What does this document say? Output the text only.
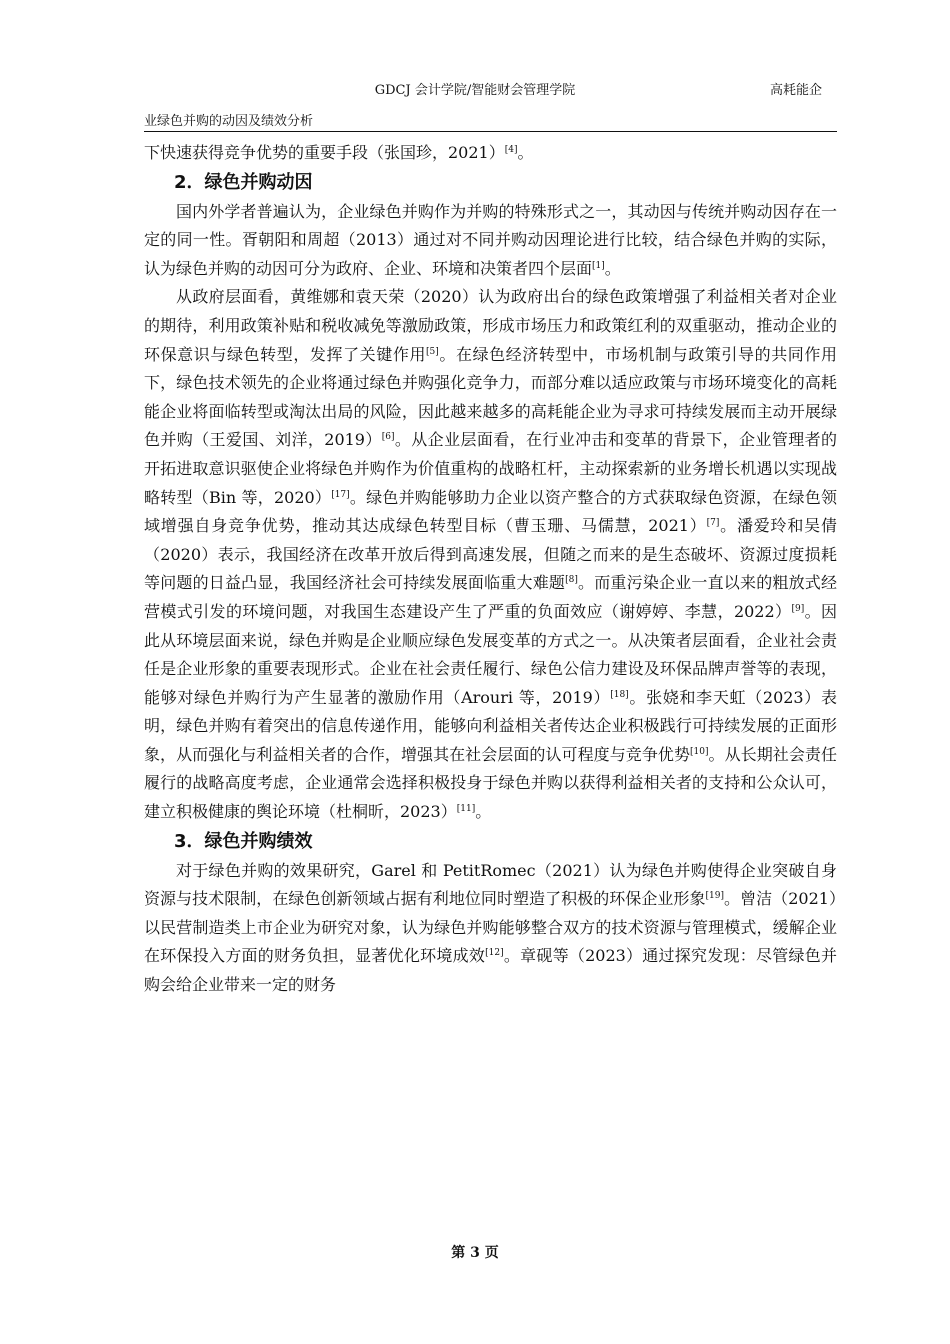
GDCJ 会计学院/智能财会管理学院	高耗能企
业绿色并购的动因及绩效分析

下快速获得竞争优势的重要手段（张国珍，2021）[4]。

2．绿色并购动因

国内外学者普遍认为，企业绿色并购作为并购的特殊形式之一，其动因与传统并购动因存在一定的同一性。胥朝阳和周超（2013）通过对不同并购动因理论进行比较，结合绿色并购的实际，认为绿色并购的动因可分为政府、企业、环境和决策者四个层面[1]。

从政府层面看，黄维娜和袁天荣（2020）认为政府出台的绿色政策增强了利益相关者对企业的期待，利用政策补贴和税收减免等激励政策，形成市场压力和政策红利的双重驱动，推动企业的环保意识与绿色转型，发挥了关键作用[5]。在绿色经济转型中，市场机制与政策引导的共同作用下，绿色技术领先的企业将通过绿色并购强化竞争力，而部分难以适应政策与市场环境变化的高耗能企业将面临转型或淘汰出局的风险，因此越来越多的高耗能企业为寻求可持续发展而主动开展绿色并购（王爱国、刘洋，2019）[6]。从企业层面看，在行业冲击和变革的背景下，企业管理者的开拓进取意识驱使企业将绿色并购作为价值重构的战略杠杆，主动探索新的业务增长机遇以实现战略转型（Bin 等，2020）[17]。绿色并购能够助力企业以资产整合的方式获取绿色资源，在绿色领域增强自身竞争优势，推动其达成绿色转型目标（曹玉珊、马儒慧，2021）[7]。潘爱玲和吴倩（2020）表示，我国经济在改革开放后得到高速发展，但随之而来的是生态破坏、资源过度损耗等问题的日益凸显，我国经济社会可持续发展面临重大难题[8]。而重污染企业一直以来的粗放式经营模式引发的环境问题，对我国生态建设产生了严重的负面效应（谢婷婷、李慧，2022）[9]。因此从环境层面来说，绿色并购是企业顺应绿色发展变革的方式之一。从决策者层面看，企业社会责任是企业形象的重要表现形式。企业在社会责任履行、绿色公信力建设及环保品牌声誉等的表现，能够对绿色并购行为产生显著的激励作用（Arouri 等，2019）[18]。张娆和李天虹（2023）表明，绿色并购有着突出的信息传递作用，能够向利益相关者传达企业积极践行可持续发展的正面形象，从而强化与利益相关者的合作，增强其在社会层面的认可程度与竞争优势[10]。从长期社会责任履行的战略高度考虑，企业通常会选择积极投身于绿色并购以获得利益相关者的支持和公众认可，建立积极健康的舆论环境（杜桐昕，2023）[11]。

3．绿色并购绩效

对于绿色并购的效果研究，Garel 和 PetitRomec（2021）认为绿色并购使得企业突破自身资源与技术限制，在绿色创新领域占据有利地位同时塑造了积极的环保企业形象[19]。曾洁（2021）以民营制造类上市企业为研究对象，认为绿色并购能够整合双方的技术资源与管理模式，缓解企业在环保投入方面的财务负担，显著优化环境成效[12]。章砚等（2023）通过探究发现：尽管绿色并购会给企业带来一定的财务

第 3 页
